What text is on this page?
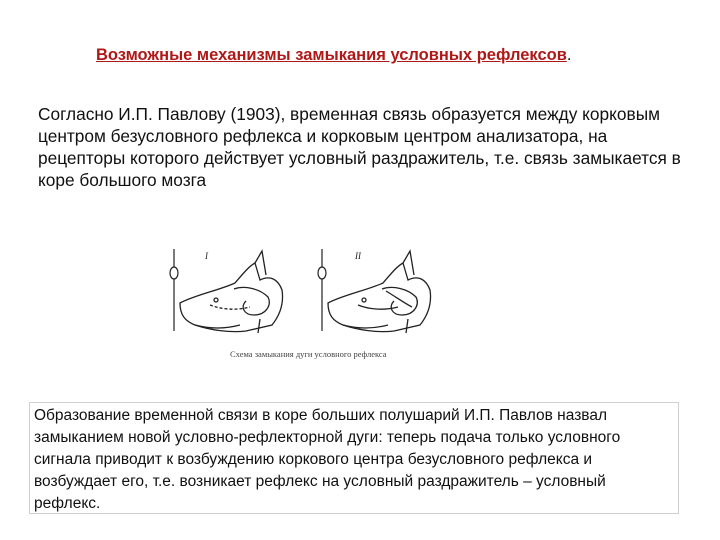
Возможные механизмы замыкания условных рефлексов.

Согласно И.П. Павлову (1903), временная связь образуется между корковым центром безусловного рефлекса и корковым центром анализатора, на рецепторы которого действует условный раздражитель, т.е. связь замыкается в коре большого мозга

I	II
Схема замыкания дуги условного рефлекса

Образование временной связи в коре больших полушарий И.П. Павлов назвал замыканием новой условно-рефлекторной дуги: теперь подача только условного сигнала приводит к возбуждению коркового центра безусловного рефлекса и возбуждает его, т.е. возникает рефлекс на условный раздражитель – условный рефлекс.
